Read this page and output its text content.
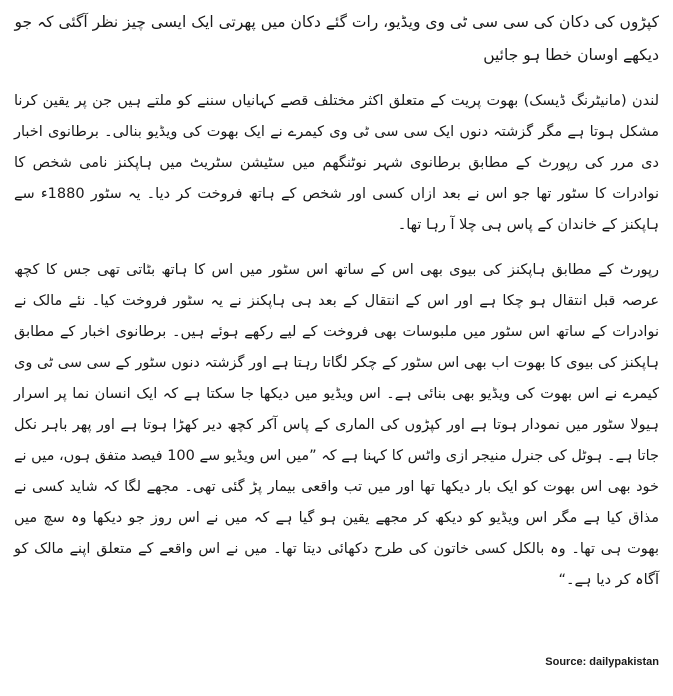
کپڑوں کی دکان کی سی سی ٹی وی ویڈیو، رات گئے دکان میں پھرتی ایک ایسی چیز نظر آگئی کہ جو دیکھے اوسان خطا ہو جائیں

لندن (مانیٹرنگ ڈیسک) بھوت پریت کے متعلق اکثر مختلف قصے کہانیاں سننے کو ملتے ہیں جن پر یقین کرنا مشکل ہوتا ہے مگر گزشتہ دنوں ایک سی سی ٹی وی کیمرے نے ایک بھوت کی ویڈیو بنالی۔ برطانوی اخبار دی مرر کی رپورٹ کے مطابق برطانوی شہر نوٹنگھم میں سٹیشن سٹریٹ میں ہاپکنز نامی شخص کا نوادرات کا سٹور تھا جو اس نے بعد ازاں کسی اور شخص کے ہاتھ فروخت کر دیا۔ یہ سٹور 1880ء سے ہاپکنز کے خاندان کے پاس ہی چلا آ رہا تھا۔

رپورٹ کے مطابق ہاپکنز کی بیوی بھی اس کے ساتھ اس سٹور میں اس کا ہاتھ بٹاتی تھی جس کا کچھ عرصہ قبل انتقال ہو چکا ہے اور اس کے انتقال کے بعد ہی ہاپکنز نے یہ سٹور فروخت کیا۔ نئے مالک نے نوادرات کے ساتھ اس سٹور میں ملبوسات بھی فروخت کے لیے رکھے ہوئے ہیں۔ برطانوی اخبار کے مطابق ہاپکنز کی بیوی کا بھوت اب بھی اس سٹور کے چکر لگاتا رہتا ہے اور گزشتہ دنوں سٹور کے سی سی ٹی وی کیمرے نے اس بھوت کی ویڈیو بھی بنائی ہے۔ اس ویڈیو میں دیکھا جا سکتا ہے کہ ایک انسان نما پر اسرار ہیولا سٹور میں نمودار ہوتا ہے اور کپڑوں کی الماری کے پاس آکر کچھ دیر کھڑا ہوتا ہے اور پھر باہر نکل جاتا ہے۔ ہوٹل کی جنرل منیجر ازی واٹس کا کہنا ہے کہ ”میں اس ویڈیو سے 100 فیصد متفق ہوں، میں نے خود بھی اس بھوت کو ایک بار دیکھا تھا اور میں تب واقعی بیمار پڑ گئی تھی۔ مجھے لگا کہ شاید کسی نے مذاق کیا ہے مگر اس ویڈیو کو دیکھ کر مجھے یقین ہو گیا ہے کہ میں نے اس روز جو دیکھا وہ سچ میں بھوت ہی تھا۔ وہ بالکل کسی خاتون کی طرح دکھائی دیتا تھا۔ میں نے اس واقعے کے متعلق اپنے مالک کو آگاہ کر دیا ہے۔“

Source: dailypakistan
